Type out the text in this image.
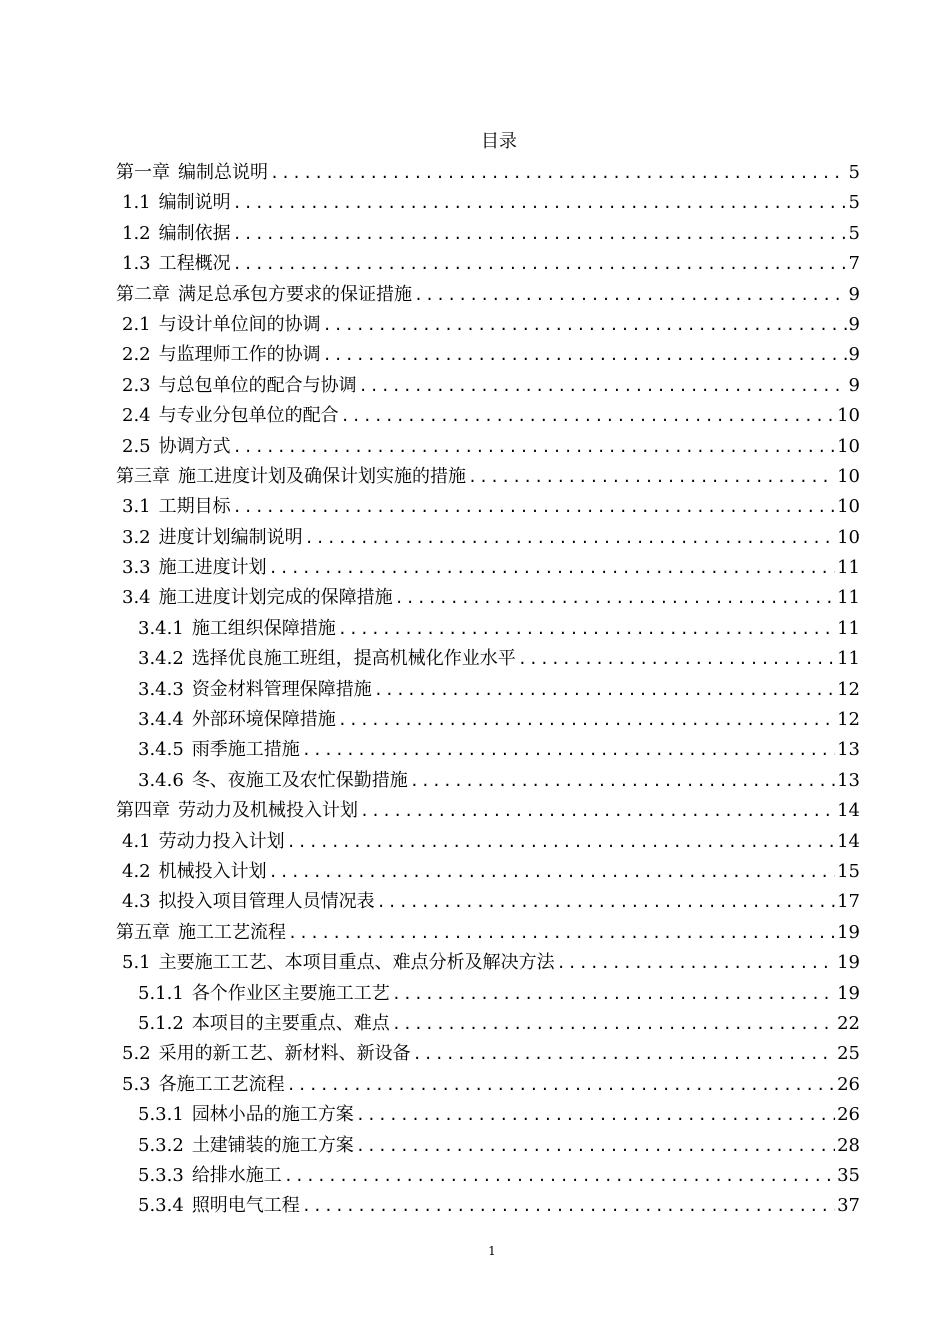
目录
第一章 编制总说明 .....	5
1.1 编制说明 .....	5
1.2 编制依据 .....	5
1.3 工程概况 .....	7
第二章 满足总承包方要求的保证措施 .....	9
2.1 与设计单位间的协调 .....	9
2.2 与监理师工作的协调 .....	9
2.3 与总包单位的配合与协调 .....	9
2.4 与专业分包单位的配合 .....	10
2.5 协调方式 .....	10
第三章 施工进度计划及确保计划实施的措施 .....	10
3.1 工期目标 .....	10
3.2 进度计划编制说明 .....	10
3.3 施工进度计划 .....	11
3.4 施工进度计划完成的保障措施 .....	11
3.4.1 施工组织保障措施 .....	11
3.4.2 选择优良施工班组，提高机械化作业水平 .....	11
3.4.3 资金材料管理保障措施 .....	12
3.4.4 外部环境保障措施 .....	12
3.4.5 雨季施工措施 .....	13
3.4.6 冬、夜施工及农忙保勤措施 .....	13
第四章 劳动力及机械投入计划 .....	14
4.1 劳动力投入计划 .....	14
4.2 机械投入计划 .....	15
4.3 拟投入项目管理人员情况表 .....	17
第五章 施工工艺流程 .....	19
5.1 主要施工工艺、本项目重点、难点分析及解决方法 .....	19
5.1.1 各个作业区主要施工工艺 .....	19
5.1.2 本项目的主要重点、难点 .....	22
5.2 采用的新工艺、新材料、新设备 .....	25
5.3 各施工工艺流程 .....	26
5.3.1 园林小品的施工方案 .....	26
5.3.2 土建铺装的施工方案 .....	28
5.3.3 给排水施工 .....	35
5.3.4 照明电气工程 .....	37
1
